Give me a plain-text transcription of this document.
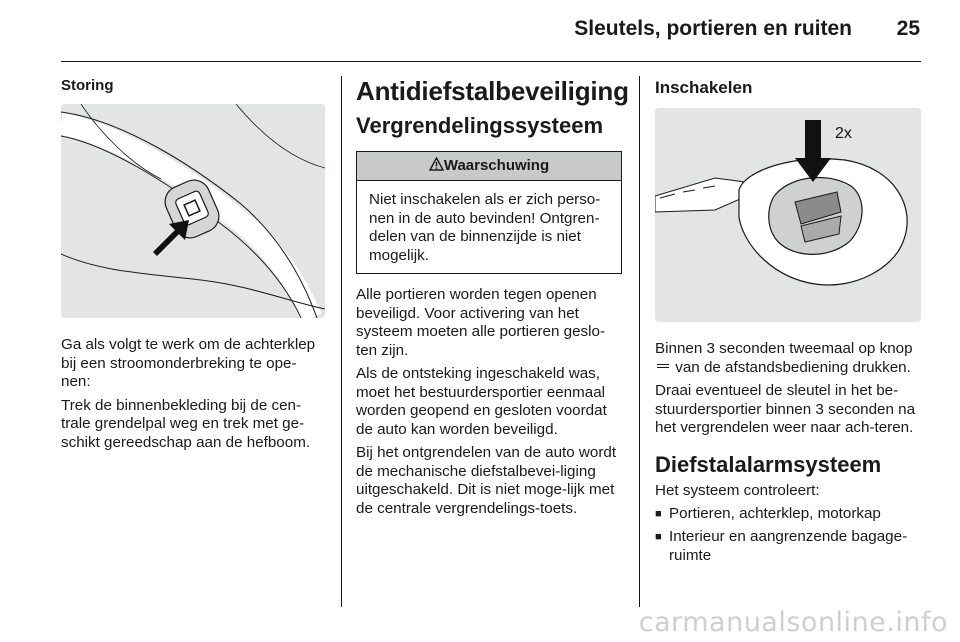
Sleutels, portieren en ruiten 25
Storing

Ga als volgt te werk om de achterklep bij een stroomonderbreking te ope-nen:

Trek de binnenbekleding bij de cen-trale grendelpal weg en trek met ge-schikt gereedschap aan de hefboom.

Antidiefstalbeveiliging
Vergrendelingssysteem
Waarschuwing

Niet inschakelen als er zich perso-nen in de auto bevinden! Ontgren-delen van de binnenzijde is niet mogelijk.

Alle portieren worden tegen openen beveiligd. Voor activering van het systeem moeten alle portieren geslo-ten zijn.

Als de ontsteking ingeschakeld was, moet het bestuurdersportier eenmaal worden geopend en gesloten voordat de auto kan worden beveiligd.

Bij het ontgrendelen van de auto wordt de mechanische diefstalbevei-liging uitgeschakeld. Dit is niet moge-lijk met de centrale vergrendelings-toets.

Inschakelen
2x

Binnen 3 seconden tweemaal op knop  van de afstandsbediening drukken.

Draai eventueel de sleutel in het be-stuurdersportier binnen 3 seconden na het vergrendelen weer naar ach-teren.

Diefstalalarmsysteem

Het systeem controleert:

■ Portieren, achterklep, motorkap
■ Interieur en aangrenzende bagage-ruimte
carmanualsonline.info
